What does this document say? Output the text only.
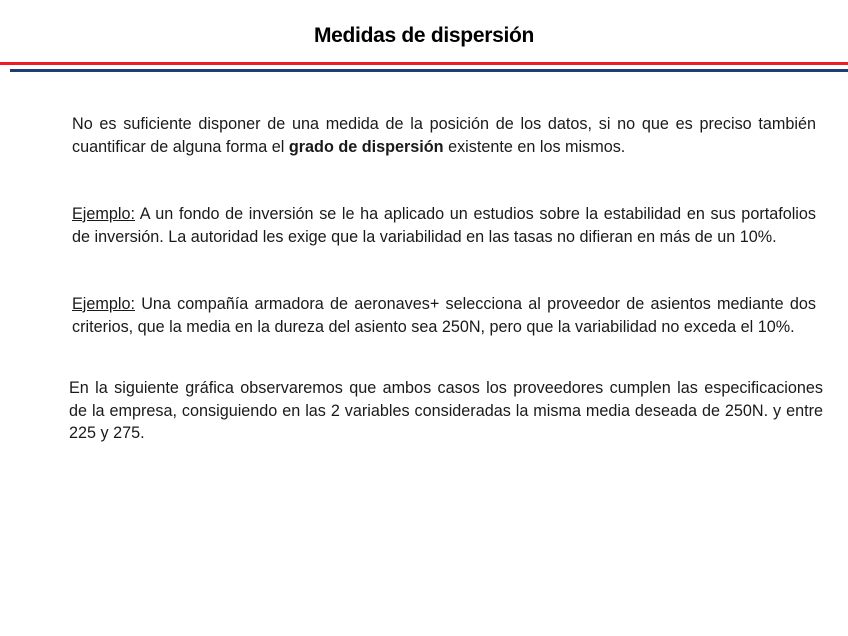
Medidas de dispersión
No es suficiente disponer de una medida de la posición de los datos, si no que es preciso también cuantificar de alguna forma el grado de dispersión existente en los mismos.
Ejemplo: A un fondo de inversión se le ha aplicado un estudios sobre la estabilidad en sus portafolios de inversión. La autoridad les exige que la variabilidad en las tasas no difieran en más de un 10%.
Ejemplo: Una compañía armadora de aeronaves+ selecciona al proveedor de asientos mediante dos criterios, que la media en la dureza del asiento sea 250N, pero que la variabilidad no exceda el 10%.
En la siguiente gráfica observaremos que ambos casos los proveedores cumplen las especificaciones de la empresa, consiguiendo en las 2 variables consideradas la misma media deseada de 250N. y entre 225 y 275.
